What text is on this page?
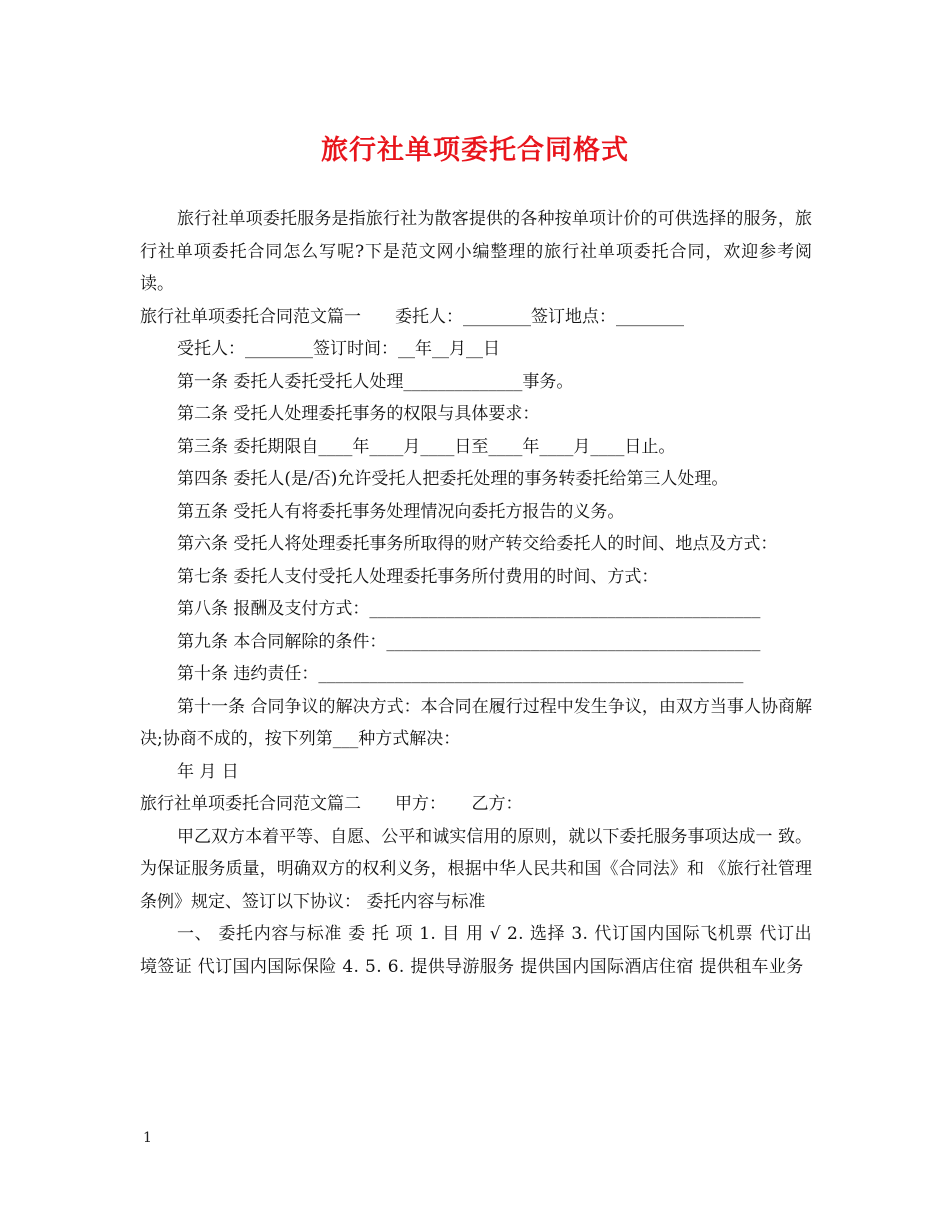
旅行社单项委托合同格式

旅行社单项委托服务是指旅行社为散客提供的各种按单项计价的可供选择的服务，旅行社单项委托合同怎么写呢?下是范文网小编整理的旅行社单项委托合同，欢迎参考阅读。

旅行社单项委托合同范文篇一　　委托人：________签订地点：________

受托人：________签订时间：__年__月__日

第一条 委托人委托受托人处理______________事务。

第二条 受托人处理委托事务的权限与具体要求：

第三条 委托期限自____年____月____日至____年____月____日止。

第四条 委托人(是/否)允许受托人把委托处理的事务转委托给第三人处理。

第五条 受托人有将委托事务处理情况向委托方报告的义务。

第六条 受托人将处理委托事务所取得的财产转交给委托人的时间、地点及方式：

第七条 委托人支付受托人处理委托事务所付费用的时间、方式：

第八条 报酬及支付方式：______________________________________________

第九条 本合同解除的条件：____________________________________________

第十条 违约责任：__________________________________________________

第十一条 合同争议的解决方式：本合同在履行过程中发生争议，由双方当事人协商解决;协商不成的，按下列第___种方式解决：

年 月 日

旅行社单项委托合同范文篇二　　甲方：　　乙方：

甲乙双方本着平等、自愿、公平和诚实信用的原则，就以下委托服务事项达成一 致。为保证服务质量，明确双方的权利义务，根据中华人民共和国《合同法》和 《旅行社管理条例》规定、签订以下协议： 委托内容与标准

一、 委托内容与标准 委 托 项 1. 目 用 √ 2. 选择 3. 代订国内国际飞机票 代订出境签证 代订国内国际保险 4. 5. 6. 提供导游服务 提供国内国际酒店住宿 提供租车业务

1
